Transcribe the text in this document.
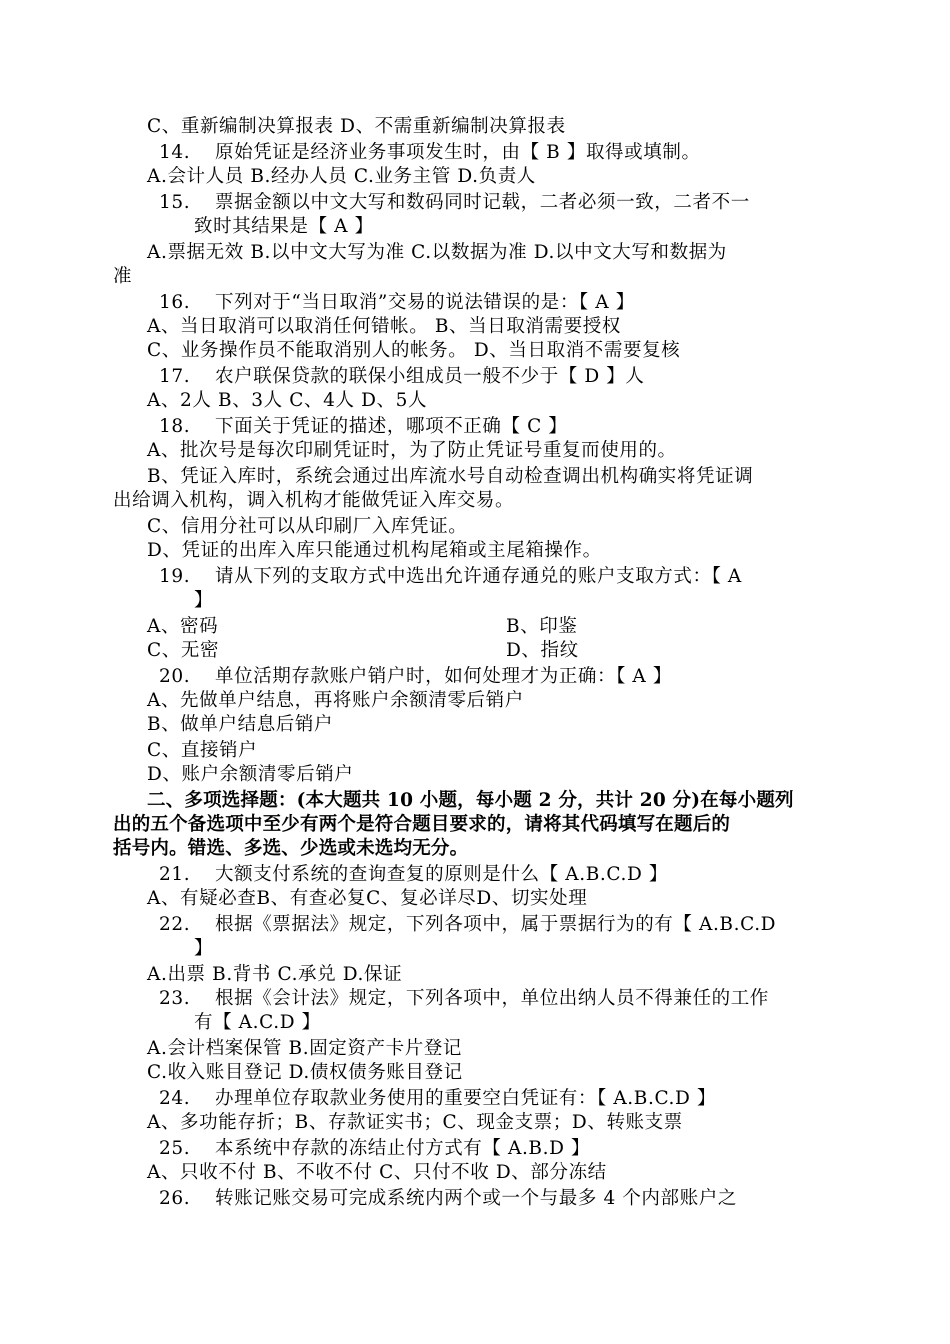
C、重新编制决算报表 D、不需重新编制决算报表
14. 原始凭证是经济业务事项发生时，由【 B 】取得或填制。
A.会计人员 B.经办人员 C.业务主管 D.负责人
15. 票据金额以中文大写和数码同时记载，二者必须一致，二者不一
致时其结果是【 A 】
A.票据无效 B.以中文大写为准 C.以数据为准 D.以中文大写和数据为
准
16. 下列对于“当日取消”交易的说法错误的是：【 A 】
A、当日取消可以取消任何错帐。 B、当日取消需要授权
C、业务操作员不能取消别人的帐务。 D、当日取消不需要复核
17. 农户联保贷款的联保小组成员一般不少于【 D 】人
A、2人 B、3人 C、4人 D、5人
18. 下面关于凭证的描述，哪项不正确【 C 】
A、批次号是每次印刷凭证时，为了防止凭证号重复而使用的。
B、凭证入库时，系统会通过出库流水号自动检查调出机构确实将凭证调
出给调入机构，调入机构才能做凭证入库交易。
C、信用分社可以从印刷厂入库凭证。
D、凭证的出库入库只能通过机构尾箱或主尾箱操作。
19. 请从下列的支取方式中选出允许通存通兑的账户支取方式：【 A
】
A、密码	B、印鉴
C、无密	D、指纹
20. 单位活期存款账户销户时，如何处理才为正确：【 A 】
A、先做单户结息，再将账户余额清零后销户
B、做单户结息后销户
C、直接销户
D、账户余额清零后销户
二、多项选择题：(本大题共 10 小题，每小题 2 分，共计 20 分)在每小题列
出的五个备选项中至少有两个是符合题目要求的，请将其代码填写在题后的
括号内。错选、多选、少选或未选均无分。
21. 大额支付系统的查询查复的原则是什么【 A.B.C.D 】
A、有疑必查B、有查必复C、复必详尽D、切实处理
22. 根据《票据法》规定，下列各项中，属于票据行为的有【 A.B.C.D
】
A.出票 B.背书 C.承兑 D.保证
23. 根据《会计法》规定，下列各项中，单位出纳人员不得兼任的工作
有【 A.C.D 】
A.会计档案保管 B.固定资产卡片登记
C.收入账目登记 D.债权债务账目登记
24. 办理单位存取款业务使用的重要空白凭证有：【 A.B.C.D 】
A、多功能存折；B、存款证实书；C、现金支票；D、转账支票
25. 本系统中存款的冻结止付方式有【 A.B.D 】
A、只收不付 B、不收不付 C、只付不收 D、部分冻结
26. 转账记账交易可完成系统内两个或一个与最多 4 个内部账户之
